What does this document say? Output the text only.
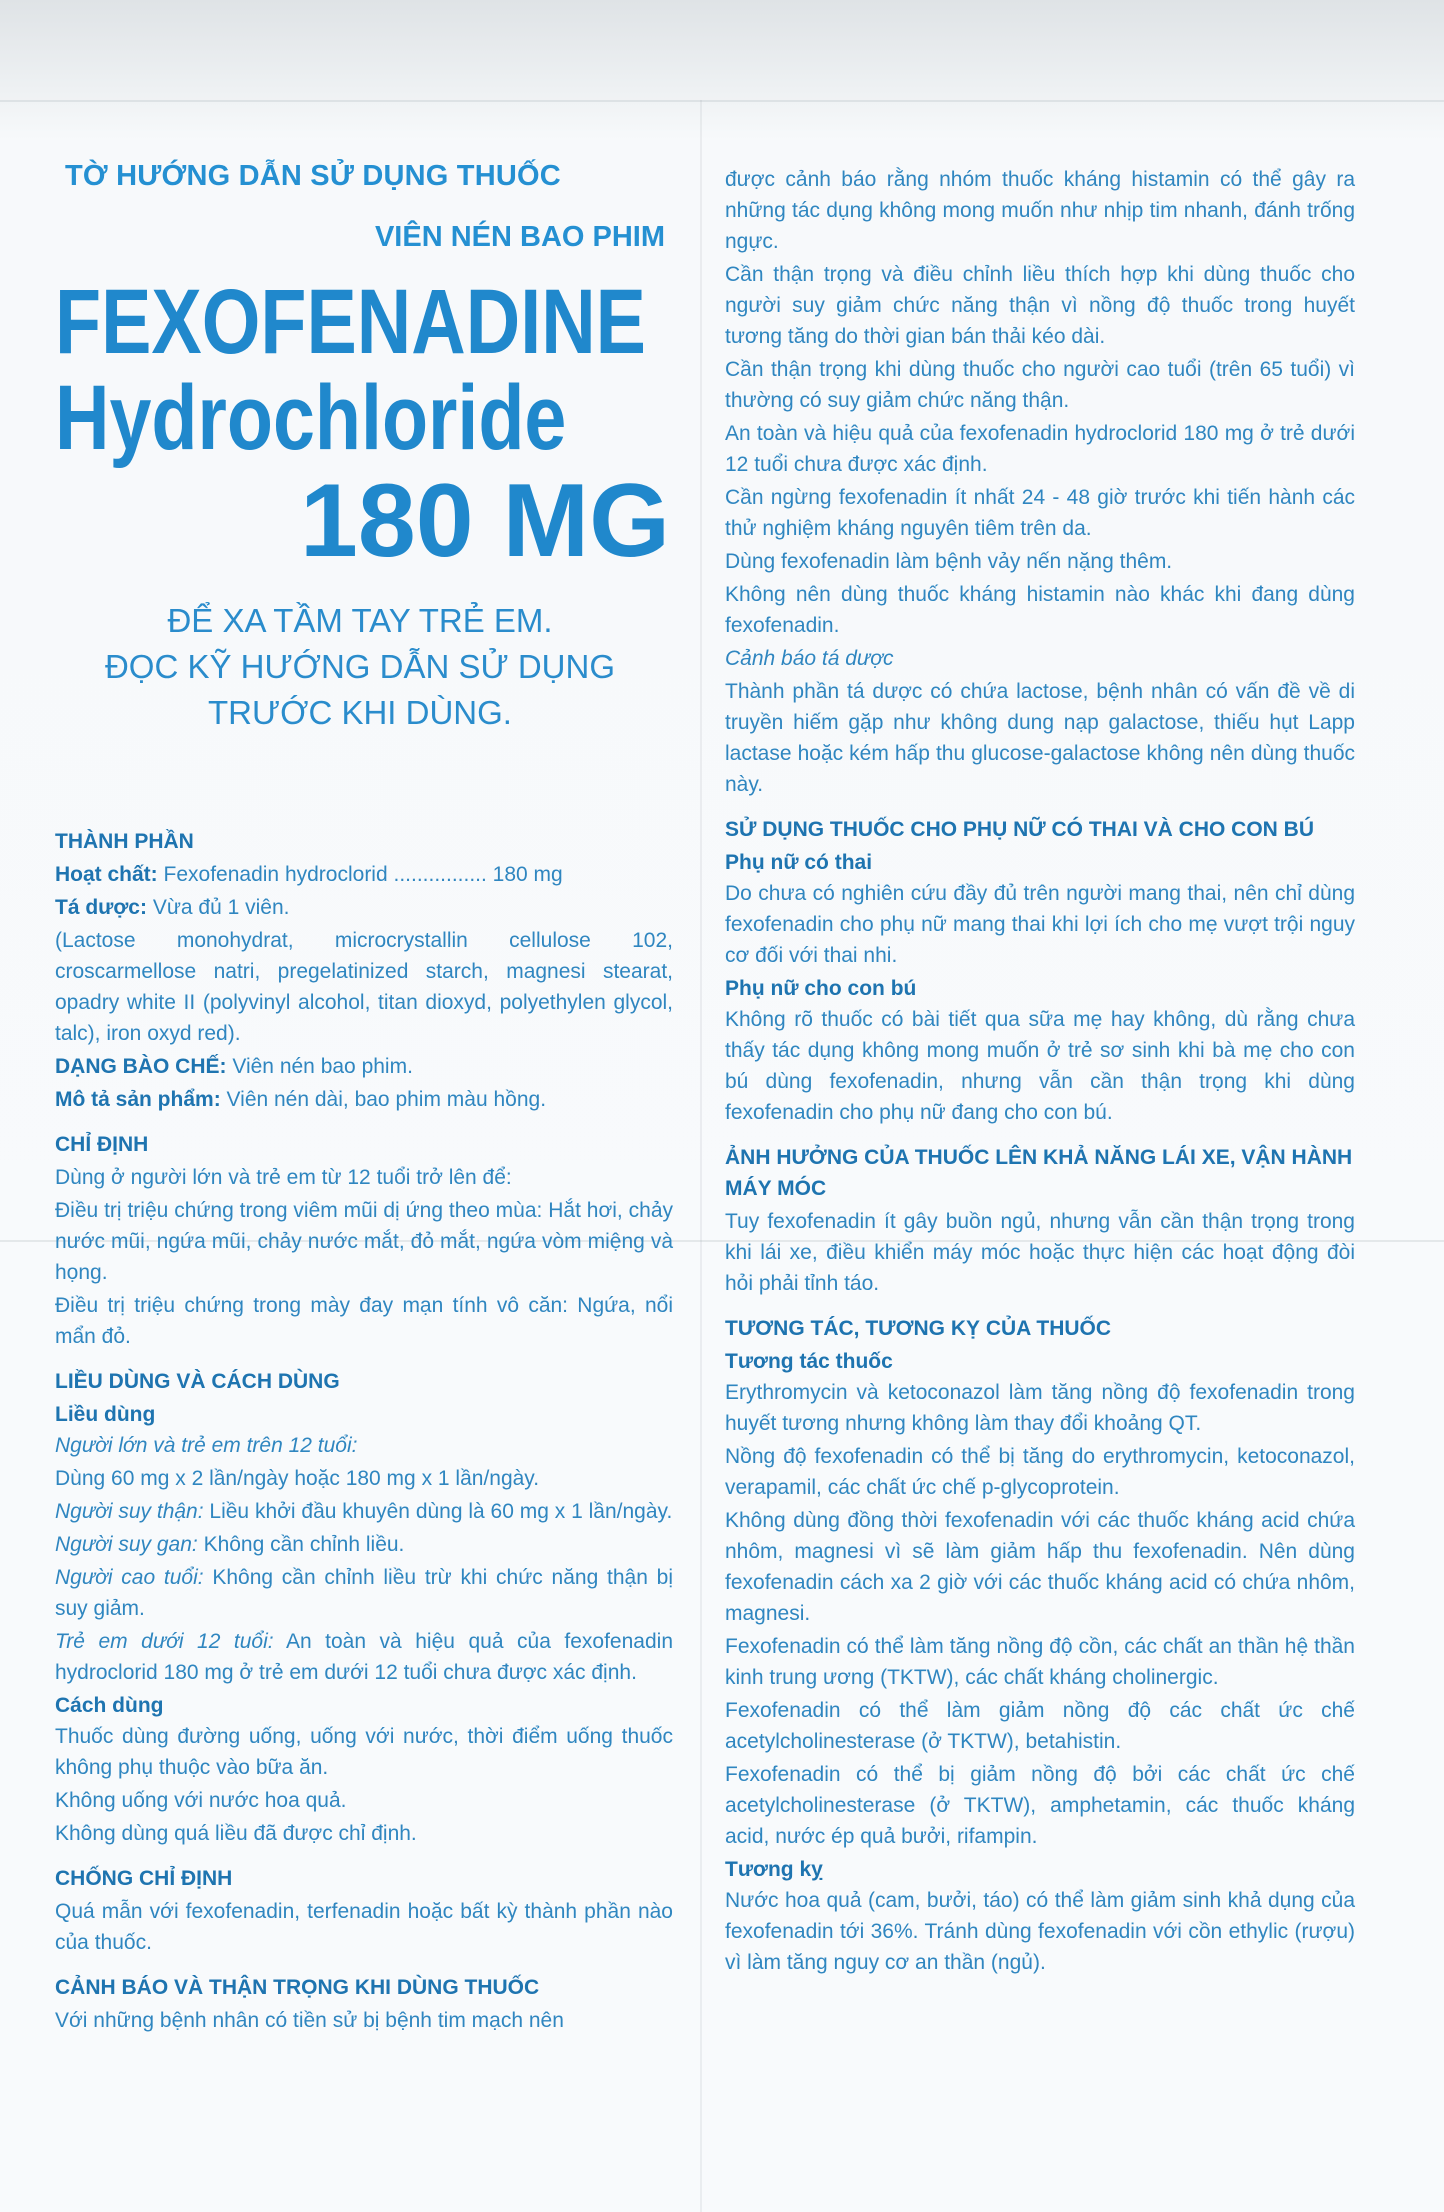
TỜ HƯỚNG DẪN SỬ DỤNG THUỐC
VIÊN NÉN BAO PHIM
FEXOFENADINE
Hydrochloride
180 MG
ĐỂ XA TẦM TAY TRẺ EM.
ĐỌC KỸ HƯỚNG DẪN SỬ DỤNG
TRƯỚC KHI DÙNG.
THÀNH PHẦN
Hoạt chất: Fexofenadin hydroclorid ................ 180 mg
Tá dược: Vừa đủ 1 viên.
(Lactose monohydrat, microcrystallin cellulose 102, croscarmellose natri, pregelatinized starch, magnesi stearat, opadry white II (polyvinyl alcohol, titan dioxyd, polyethylen glycol, talc), iron oxyd red).
DẠNG BÀO CHẾ: Viên nén bao phim.
Mô tả sản phẩm: Viên nén dài, bao phim màu hồng.
CHỈ ĐỊNH
Dùng ở người lớn và trẻ em từ 12 tuổi trở lên để:
Điều trị triệu chứng trong viêm mũi dị ứng theo mùa: Hắt hơi, chảy nước mũi, ngứa mũi, chảy nước mắt, đỏ mắt, ngứa vòm miệng và họng.
Điều trị triệu chứng trong mày đay mạn tính vô căn: Ngứa, nổi mẩn đỏ.
LIỀU DÙNG VÀ CÁCH DÙNG
Liều dùng
Người lớn và trẻ em trên 12 tuổi:
Dùng 60 mg x 2 lần/ngày hoặc 180 mg x 1 lần/ngày.
Người suy thận: Liều khởi đầu khuyên dùng là 60 mg x 1 lần/ngày.
Người suy gan: Không cần chỉnh liều.
Người cao tuổi: Không cần chỉnh liều trừ khi chức năng thận bị suy giảm.
Trẻ em dưới 12 tuổi: An toàn và hiệu quả của fexofenadin hydroclorid 180 mg ở trẻ em dưới 12 tuổi chưa được xác định.
Cách dùng
Thuốc dùng đường uống, uống với nước, thời điểm uống thuốc không phụ thuộc vào bữa ăn.
Không uống với nước hoa quả.
Không dùng quá liều đã được chỉ định.
CHỐNG CHỈ ĐỊNH
Quá mẫn với fexofenadin, terfenadin hoặc bất kỳ thành phần nào của thuốc.
CẢNH BÁO VÀ THẬN TRỌNG KHI DÙNG THUỐC
Với những bệnh nhân có tiền sử bị bệnh tim mạch nên
được cảnh báo rằng nhóm thuốc kháng histamin có thể gây ra những tác dụng không mong muốn như nhịp tim nhanh, đánh trống ngực.
Cần thận trọng và điều chỉnh liều thích hợp khi dùng thuốc cho người suy giảm chức năng thận vì nồng độ thuốc trong huyết tương tăng do thời gian bán thải kéo dài.
Cần thận trọng khi dùng thuốc cho người cao tuổi (trên 65 tuổi) vì thường có suy giảm chức năng thận.
An toàn và hiệu quả của fexofenadin hydroclorid 180 mg ở trẻ dưới 12 tuổi chưa được xác định.
Cần ngừng fexofenadin ít nhất 24 - 48 giờ trước khi tiến hành các thử nghiệm kháng nguyên tiêm trên da.
Dùng fexofenadin làm bệnh vảy nến nặng thêm.
Không nên dùng thuốc kháng histamin nào khác khi đang dùng fexofenadin.
Cảnh báo tá dược
Thành phần tá dược có chứa lactose, bệnh nhân có vấn đề về di truyền hiếm gặp như không dung nạp galactose, thiếu hụt Lapp lactase hoặc kém hấp thu glucose-galactose không nên dùng thuốc này.
SỬ DỤNG THUỐC CHO PHỤ NỮ CÓ THAI VÀ CHO CON BÚ
Phụ nữ có thai
Do chưa có nghiên cứu đầy đủ trên người mang thai, nên chỉ dùng fexofenadin cho phụ nữ mang thai khi lợi ích cho mẹ vượt trội nguy cơ đối với thai nhi.
Phụ nữ cho con bú
Không rõ thuốc có bài tiết qua sữa mẹ hay không, dù rằng chưa thấy tác dụng không mong muốn ở trẻ sơ sinh khi bà mẹ cho con bú dùng fexofenadin, nhưng vẫn cần thận trọng khi dùng fexofenadin cho phụ nữ đang cho con bú.
ẢNH HƯỞNG CỦA THUỐC LÊN KHẢ NĂNG LÁI XE, VẬN HÀNH MÁY MÓC
Tuy fexofenadin ít gây buồn ngủ, nhưng vẫn cần thận trọng trong khi lái xe, điều khiển máy móc hoặc thực hiện các hoạt động đòi hỏi phải tỉnh táo.
TƯƠNG TÁC, TƯƠNG KỴ CỦA THUỐC
Tương tác thuốc
Erythromycin và ketoconazol làm tăng nồng độ fexofenadin trong huyết tương nhưng không làm thay đổi khoảng QT.
Nồng độ fexofenadin có thể bị tăng do erythromycin, ketoconazol, verapamil, các chất ức chế p-glycoprotein.
Không dùng đồng thời fexofenadin với các thuốc kháng acid chứa nhôm, magnesi vì sẽ làm giảm hấp thu fexofenadin. Nên dùng fexofenadin cách xa 2 giờ với các thuốc kháng acid có chứa nhôm, magnesi.
Fexofenadin có thể làm tăng nồng độ cồn, các chất an thần hệ thần kinh trung ương (TKTW), các chất kháng cholinergic.
Fexofenadin có thể làm giảm nồng độ các chất ức chế acetylcholinesterase (ở TKTW), betahistin.
Fexofenadin có thể bị giảm nồng độ bởi các chất ức chế acetylcholinesterase (ở TKTW), amphetamin, các thuốc kháng acid, nước ép quả bưởi, rifampin.
Tương kỵ
Nước hoa quả (cam, bưởi, táo) có thể làm giảm sinh khả dụng của fexofenadin tới 36%. Tránh dùng fexofenadin với cồn ethylic (rượu) vì làm tăng nguy cơ an thần (ngủ).
